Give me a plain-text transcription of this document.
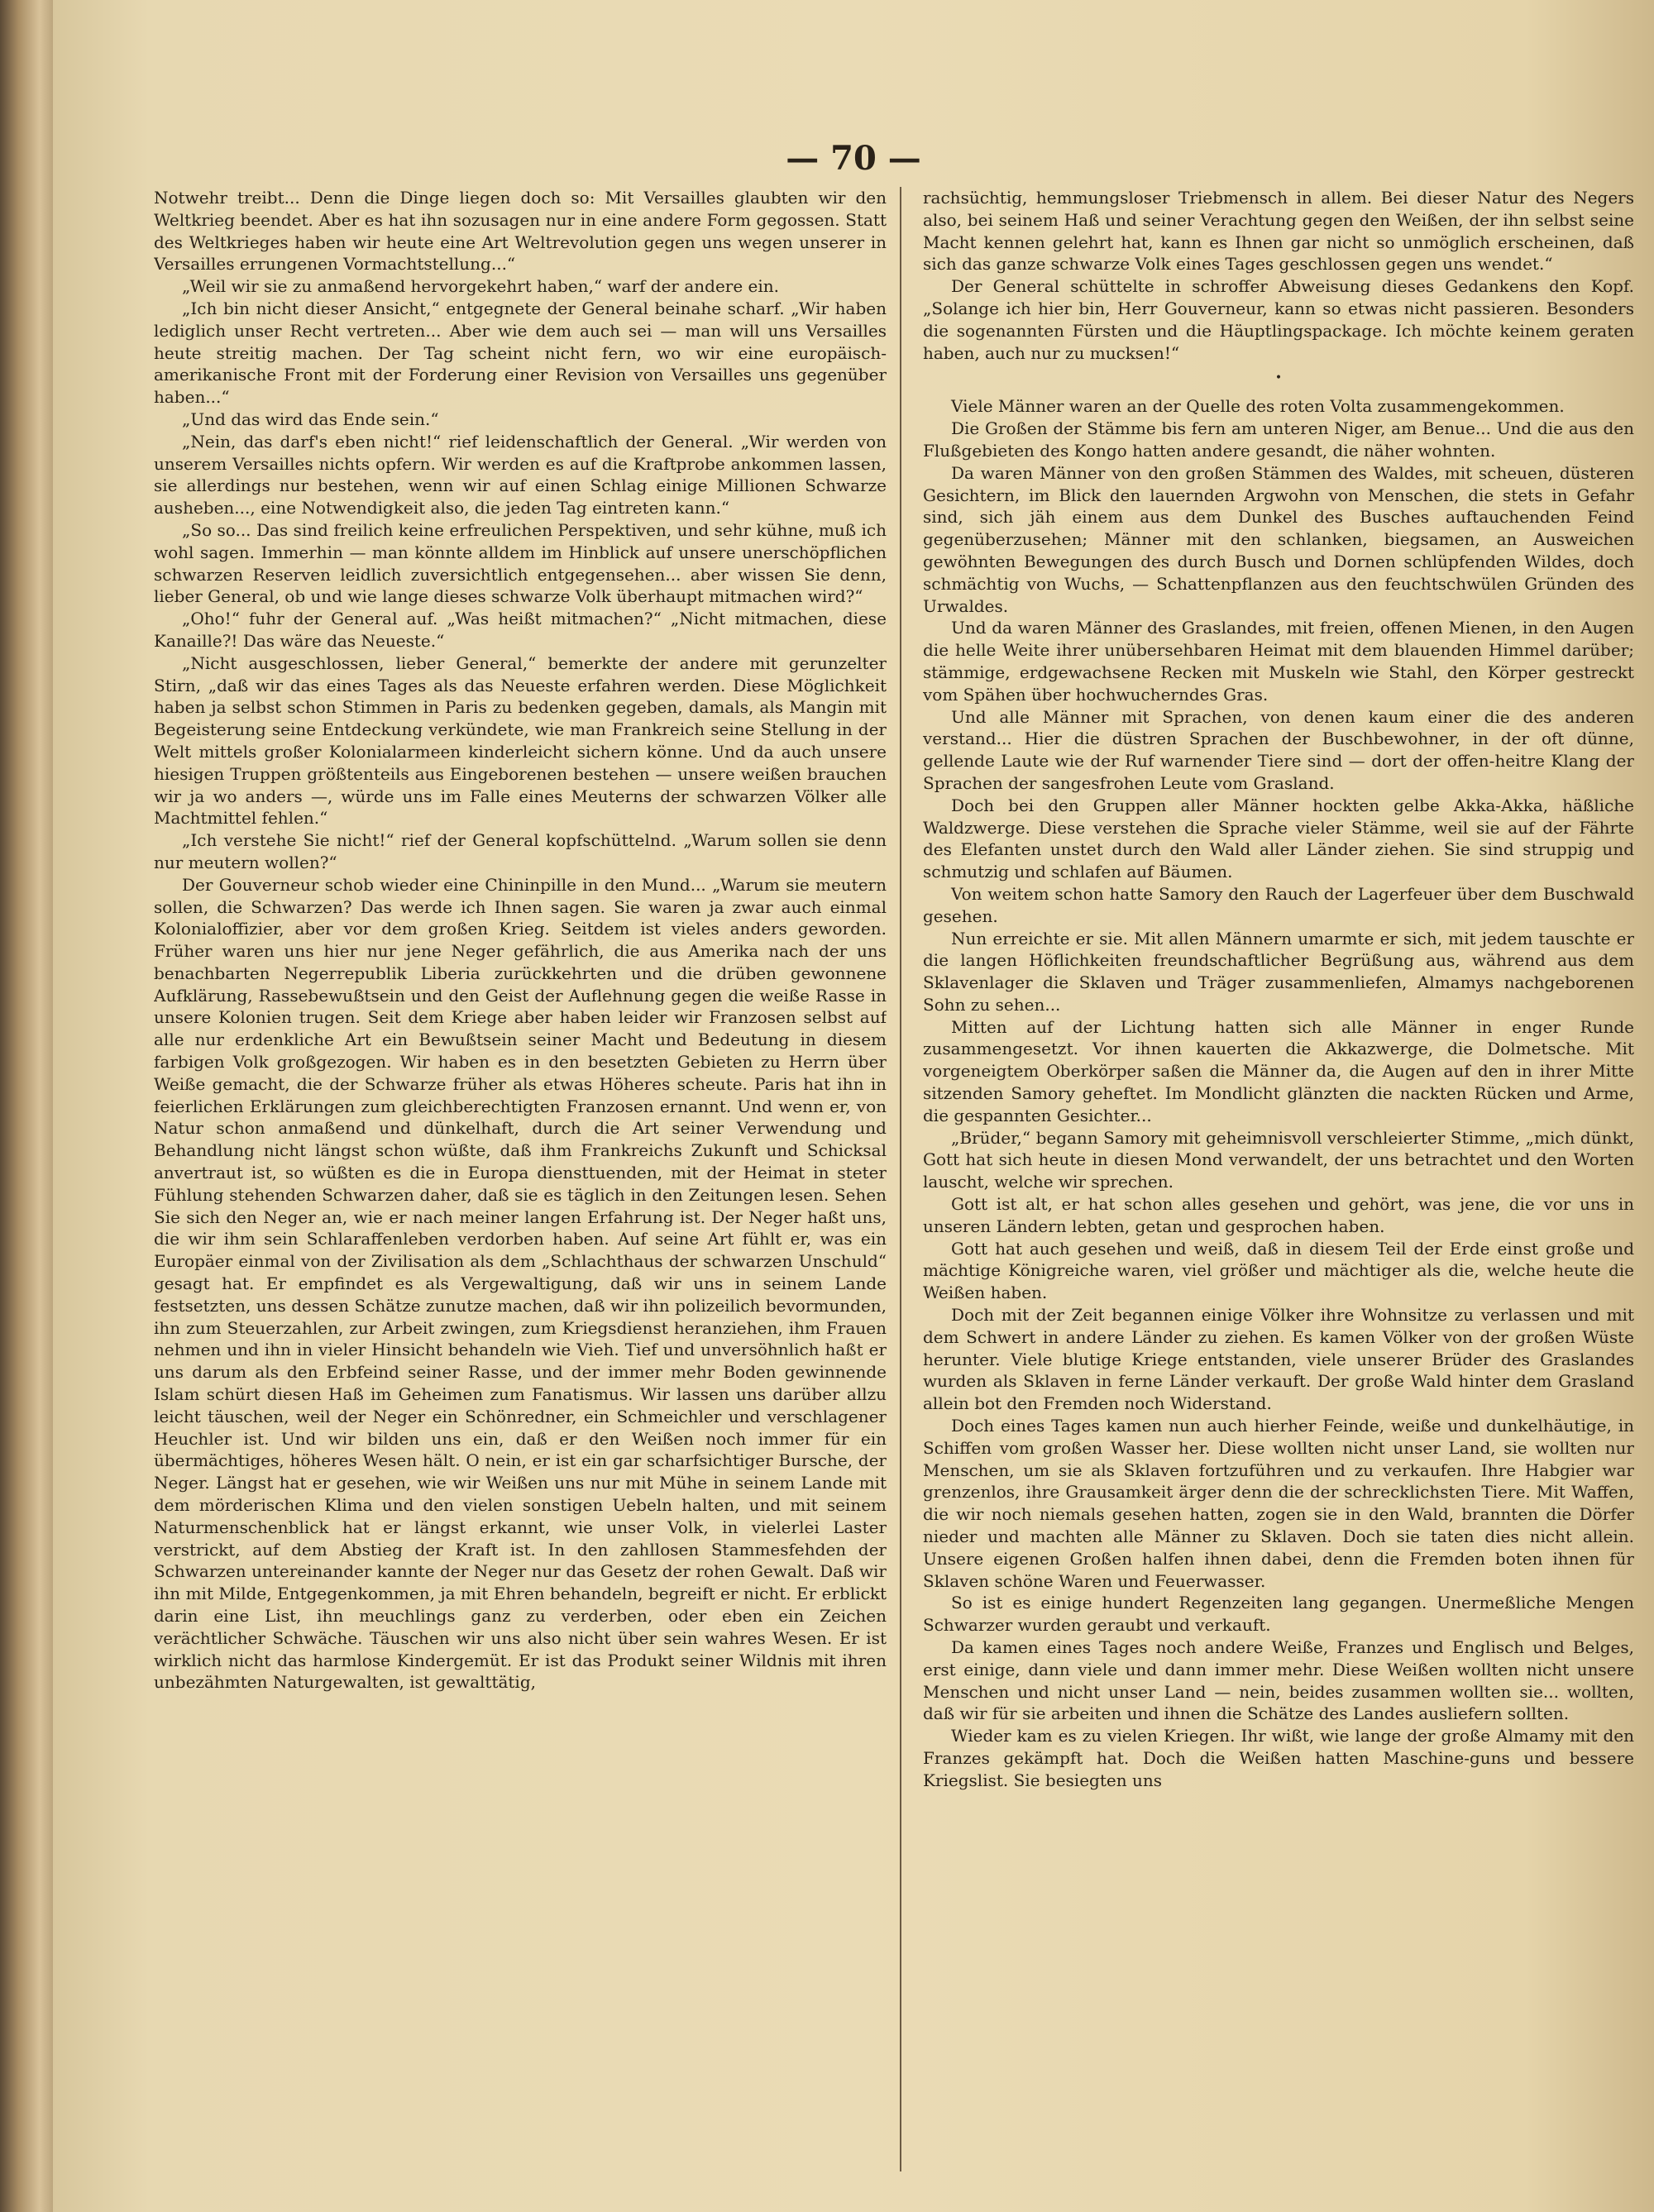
— 70 —

Notwehr treibt... Denn die Dinge liegen doch so: Mit Versailles glaubten wir den Weltkrieg beendet. Aber es hat ihn sozusagen nur in eine andere Form gegossen. Statt des Weltkrieges haben wir heute eine Art Weltrevolution gegen uns wegen unserer in Versailles errungenen Vormachtstellung...“

„Weil wir sie zu anmaßend hervorgekehrt haben,“ warf der andere ein.

„Ich bin nicht dieser Ansicht,“ entgegnete der General beinahe scharf. „Wir haben lediglich unser Recht vertreten... Aber wie dem auch sei — man will uns Versailles heute streitig machen. Der Tag scheint nicht fern, wo wir eine europäisch-amerikanische Front mit der Forderung einer Revision von Versailles uns gegenüber haben...“

„Und das wird das Ende sein.“

„Nein, das darf's eben nicht!“ rief leidenschaftlich der General. „Wir werden von unserem Versailles nichts opfern. Wir werden es auf die Kraftprobe ankommen lassen, sie allerdings nur bestehen, wenn wir auf einen Schlag einige Millionen Schwarze ausheben..., eine Notwendigkeit also, die jeden Tag eintreten kann.“

„So so... Das sind freilich keine erfreulichen Perspektiven, und sehr kühne, muß ich wohl sagen. Immerhin — man könnte alldem im Hinblick auf unsere unerschöpflichen schwarzen Reserven leidlich zuversichtlich entgegensehen... aber wissen Sie denn, lieber General, ob und wie lange dieses schwarze Volk überhaupt mitmachen wird?“

„Oho!“ fuhr der General auf. „Was heißt mitmachen?“ „Nicht mitmachen, diese Kanaille?! Das wäre das Neueste.“

„Nicht ausgeschlossen, lieber General,“ bemerkte der andere mit gerunzelter Stirn, „daß wir das eines Tages als das Neueste erfahren werden. Diese Möglichkeit haben ja selbst schon Stimmen in Paris zu bedenken gegeben, damals, als Mangin mit Begeisterung seine Entdeckung verkündete, wie man Frankreich seine Stellung in der Welt mittels großer Kolonialarmeen kinderleicht sichern könne. Und da auch unsere hiesigen Truppen größtenteils aus Eingeborenen bestehen — unsere weißen brauchen wir ja wo anders —, würde uns im Falle eines Meuterns der schwarzen Völker alle Machtmittel fehlen.“

„Ich verstehe Sie nicht!“ rief der General kopfschüttelnd. „Warum sollen sie denn nur meutern wollen?“

Der Gouverneur schob wieder eine Chininpille in den Mund... „Warum sie meutern sollen, die Schwarzen? Das werde ich Ihnen sagen. Sie waren ja zwar auch einmal Kolonialoffizier, aber vor dem großen Krieg. Seitdem ist vieles anders geworden. Früher waren uns hier nur jene Neger gefährlich, die aus Amerika nach der uns benachbarten Negerrepublik Liberia zurückkehrten und die drüben gewonnene Aufklärung, Rassebewußtsein und den Geist der Auflehnung gegen die weiße Rasse in unsere Kolonien trugen. Seit dem Kriege aber haben leider wir Franzosen selbst auf alle nur erdenkliche Art ein Bewußtsein seiner Macht und Bedeutung in diesem farbigen Volk großgezogen. Wir haben es in den besetzten Gebieten zu Herrn über Weiße gemacht, die der Schwarze früher als etwas Höheres scheute. Paris hat ihn in feierlichen Erklärungen zum gleichberechtigten Franzosen ernannt. Und wenn er, von Natur schon anmaßend und dünkelhaft, durch die Art seiner Verwendung und Behandlung nicht längst schon wüßte, daß ihm Frankreichs Zukunft und Schicksal anvertraut ist, so wüßten es die in Europa diensttuenden, mit der Heimat in steter Fühlung stehenden Schwarzen daher, daß sie es täglich in den Zeitungen lesen. Sehen Sie sich den Neger an, wie er nach meiner langen Erfahrung ist. Der Neger haßt uns, die wir ihm sein Schlaraffenleben verdorben haben. Auf seine Art fühlt er, was ein Europäer einmal von der Zivilisation als dem „Schlachthaus der schwarzen Unschuld“ gesagt hat. Er empfindet es als Vergewaltigung, daß wir uns in seinem Lande festsetzten, uns dessen Schätze zunutze machen, daß wir ihn polizeilich bevormunden, ihn zum Steuerzahlen, zur Arbeit zwingen, zum Kriegsdienst heranziehen, ihm Frauen nehmen und ihn in vieler Hinsicht behandeln wie Vieh. Tief und unversöhnlich haßt er uns darum als den Erbfeind seiner Rasse, und der immer mehr Boden gewinnende Islam schürt diesen Haß im Geheimen zum Fanatismus. Wir lassen uns darüber allzu leicht täuschen, weil der Neger ein Schönredner, ein Schmeichler und verschlagener Heuchler ist. Und wir bilden uns ein, daß er den Weißen noch immer für ein übermächtiges, höheres Wesen hält. O nein, er ist ein gar scharfsichtiger Bursche, der Neger. Längst hat er gesehen, wie wir Weißen uns nur mit Mühe in seinem Lande mit dem mörderischen Klima und den vielen sonstigen Uebeln halten, und mit seinem Naturmenschenblick hat er längst erkannt, wie unser Volk, in vielerlei Laster verstrickt, auf dem Abstieg der Kraft ist. In den zahllosen Stammesfehden der Schwarzen untereinander kannte der Neger nur das Gesetz der rohen Gewalt. Daß wir ihn mit Milde, Entgegenkommen, ja mit Ehren behandeln, begreift er nicht. Er erblickt darin eine List, ihn meuchlings ganz zu verderben, oder eben ein Zeichen verächtlicher Schwäche. Täuschen wir uns also nicht über sein wahres Wesen. Er ist wirklich nicht das harmlose Kindergemüt. Er ist das Produkt seiner Wildnis mit ihren unbezähmten Naturgewalten, ist gewalttätig,

rachsüchtig, hemmungsloser Triebmensch in allem. Bei dieser Natur des Negers also, bei seinem Haß und seiner Verachtung gegen den Weißen, der ihn selbst seine Macht kennen gelehrt hat, kann es Ihnen gar nicht so unmöglich erscheinen, daß sich das ganze schwarze Volk eines Tages geschlossen gegen uns wendet.“

Der General schüttelte in schroffer Abweisung dieses Gedankens den Kopf. „Solange ich hier bin, Herr Gouverneur, kann so etwas nicht passieren. Besonders die sogenannten Fürsten und die Häuptlingspackage. Ich möchte keinem geraten haben, auch nur zu mucksen!“

•

Viele Männer waren an der Quelle des roten Volta zusammengekommen.

Die Großen der Stämme bis fern am unteren Niger, am Benue... Und die aus den Flußgebieten des Kongo hatten andere gesandt, die näher wohnten.

Da waren Männer von den großen Stämmen des Waldes, mit scheuen, düsteren Gesichtern, im Blick den lauernden Argwohn von Menschen, die stets in Gefahr sind, sich jäh einem aus dem Dunkel des Busches auftauchenden Feind gegenüberzusehen; Männer mit den schlanken, biegsamen, an Ausweichen gewöhnten Bewegungen des durch Busch und Dornen schlüpfenden Wildes, doch schmächtig von Wuchs, — Schattenpflanzen aus den feuchtschwülen Gründen des Urwaldes.

Und da waren Männer des Graslandes, mit freien, offenen Mienen, in den Augen die helle Weite ihrer unübersehbaren Heimat mit dem blauenden Himmel darüber; stämmige, erdgewachsene Recken mit Muskeln wie Stahl, den Körper gestreckt vom Spähen über hochwucherndes Gras.

Und alle Männer mit Sprachen, von denen kaum einer die des anderen verstand... Hier die düstren Sprachen der Buschbewohner, in der oft dünne, gellende Laute wie der Ruf warnender Tiere sind — dort der offen-heitre Klang der Sprachen der sangesfrohen Leute vom Grasland.

Doch bei den Gruppen aller Männer hockten gelbe Akka-Akka, häßliche Waldzwerge. Diese verstehen die Sprache vieler Stämme, weil sie auf der Fährte des Elefanten unstet durch den Wald aller Länder ziehen. Sie sind struppig und schmutzig und schlafen auf Bäumen.

Von weitem schon hatte Samory den Rauch der Lagerfeuer über dem Buschwald gesehen.

Nun erreichte er sie. Mit allen Männern umarmte er sich, mit jedem tauschte er die langen Höflichkeiten freundschaftlicher Begrüßung aus, während aus dem Sklavenlager die Sklaven und Träger zusammenliefen, Almamys nachgeborenen Sohn zu sehen...

Mitten auf der Lichtung hatten sich alle Männer in enger Runde zusammengesetzt. Vor ihnen kauerten die Akkazwerge, die Dolmetsche. Mit vorgeneigtem Oberkörper saßen die Männer da, die Augen auf den in ihrer Mitte sitzenden Samory geheftet. Im Mondlicht glänzten die nackten Rücken und Arme, die gespannten Gesichter...

„Brüder,“ begann Samory mit geheimnisvoll verschleierter Stimme, „mich dünkt, Gott hat sich heute in diesen Mond verwandelt, der uns betrachtet und den Worten lauscht, welche wir sprechen.

Gott ist alt, er hat schon alles gesehen und gehört, was jene, die vor uns in unseren Ländern lebten, getan und gesprochen haben.

Gott hat auch gesehen und weiß, daß in diesem Teil der Erde einst große und mächtige Königreiche waren, viel größer und mächtiger als die, welche heute die Weißen haben.

Doch mit der Zeit begannen einige Völker ihre Wohnsitze zu verlassen und mit dem Schwert in andere Länder zu ziehen. Es kamen Völker von der großen Wüste herunter. Viele blutige Kriege entstanden, viele unserer Brüder des Graslandes wurden als Sklaven in ferne Länder verkauft. Der große Wald hinter dem Grasland allein bot den Fremden noch Widerstand.

Doch eines Tages kamen nun auch hierher Feinde, weiße und dunkelhäutige, in Schiffen vom großen Wasser her. Diese wollten nicht unser Land, sie wollten nur Menschen, um sie als Sklaven fortzuführen und zu verkaufen. Ihre Habgier war grenzenlos, ihre Grausamkeit ärger denn die der schrecklichsten Tiere. Mit Waffen, die wir noch niemals gesehen hatten, zogen sie in den Wald, brannten die Dörfer nieder und machten alle Männer zu Sklaven. Doch sie taten dies nicht allein. Unsere eigenen Großen halfen ihnen dabei, denn die Fremden boten ihnen für Sklaven schöne Waren und Feuerwasser.

So ist es einige hundert Regenzeiten lang gegangen. Unermeßliche Mengen Schwarzer wurden geraubt und verkauft.

Da kamen eines Tages noch andere Weiße, Franzes und Englisch und Belges, erst einige, dann viele und dann immer mehr. Diese Weißen wollten nicht unsere Menschen und nicht unser Land — nein, beides zusammen wollten sie... wollten, daß wir für sie arbeiten und ihnen die Schätze des Landes ausliefern sollten.

Wieder kam es zu vielen Kriegen. Ihr wißt, wie lange der große Almamy mit den Franzes gekämpft hat. Doch die Weißen hatten Maschine-guns und bessere Kriegslist. Sie besiegten uns
